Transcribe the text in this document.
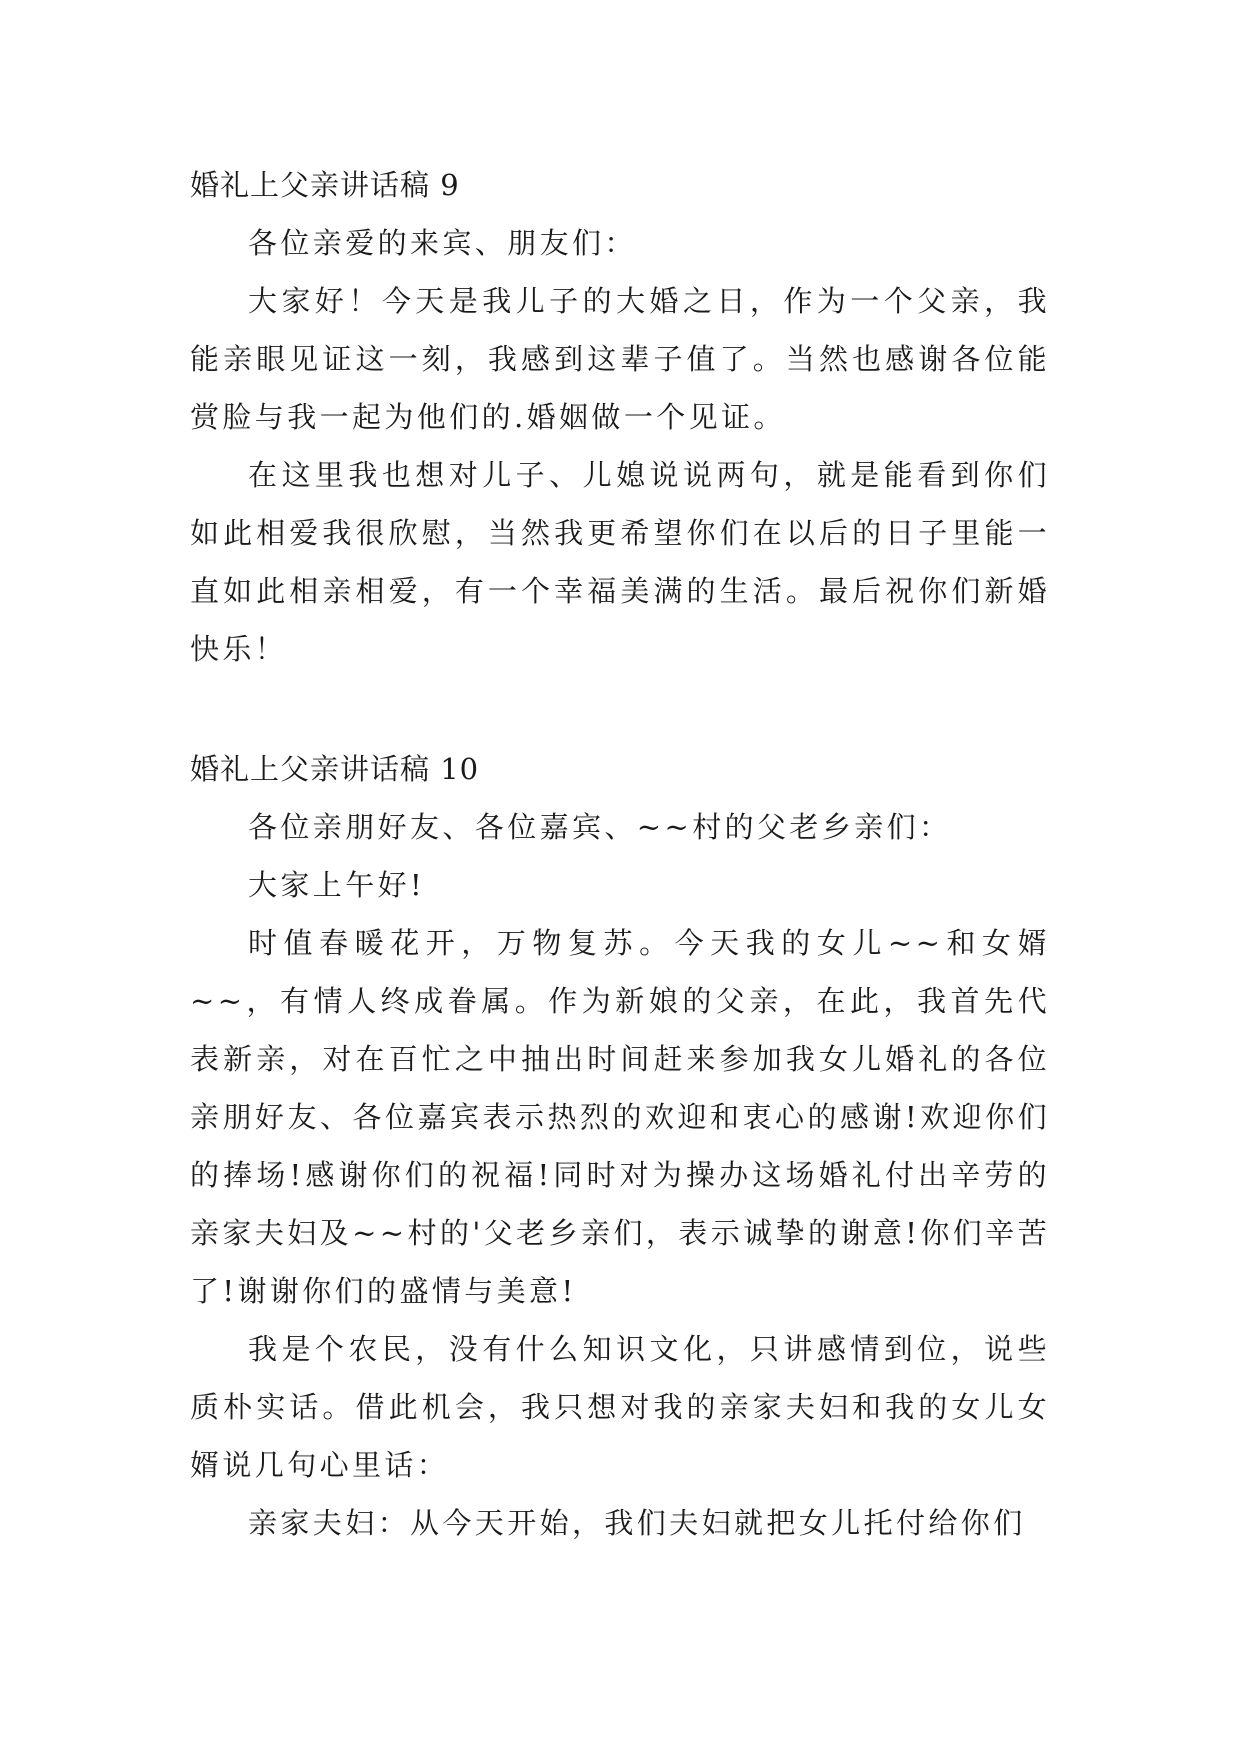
婚礼上父亲讲话稿 9

各位亲爱的来宾、朋友们：

大家好！今天是我儿子的大婚之日，作为一个父亲，我能亲眼见证这一刻，我感到这辈子值了。当然也感谢各位能赏脸与我一起为他们的.婚姻做一个见证。

在这里我也想对儿子、儿媳说说两句，就是能看到你们如此相爱我很欣慰，当然我更希望你们在以后的日子里能一直如此相亲相爱，有一个幸福美满的生活。最后祝你们新婚快乐！

婚礼上父亲讲话稿 10

各位亲朋好友、各位嘉宾、~~村的父老乡亲们：

大家上午好!

时值春暖花开，万物复苏。今天我的女儿~~和女婿~~，有情人终成眷属。作为新娘的父亲，在此，我首先代表新亲，对在百忙之中抽出时间赶来参加我女儿婚礼的各位亲朋好友、各位嘉宾表示热烈的欢迎和衷心的感谢!欢迎你们的捧场!感谢你们的祝福!同时对为操办这场婚礼付出辛劳的亲家夫妇及~~村的'父老乡亲们，表示诚挚的谢意!你们辛苦了!谢谢你们的盛情与美意!

我是个农民，没有什么知识文化，只讲感情到位，说些质朴实话。借此机会，我只想对我的亲家夫妇和我的女儿女婿说几句心里话：

亲家夫妇：从今天开始，我们夫妇就把女儿托付给你们
